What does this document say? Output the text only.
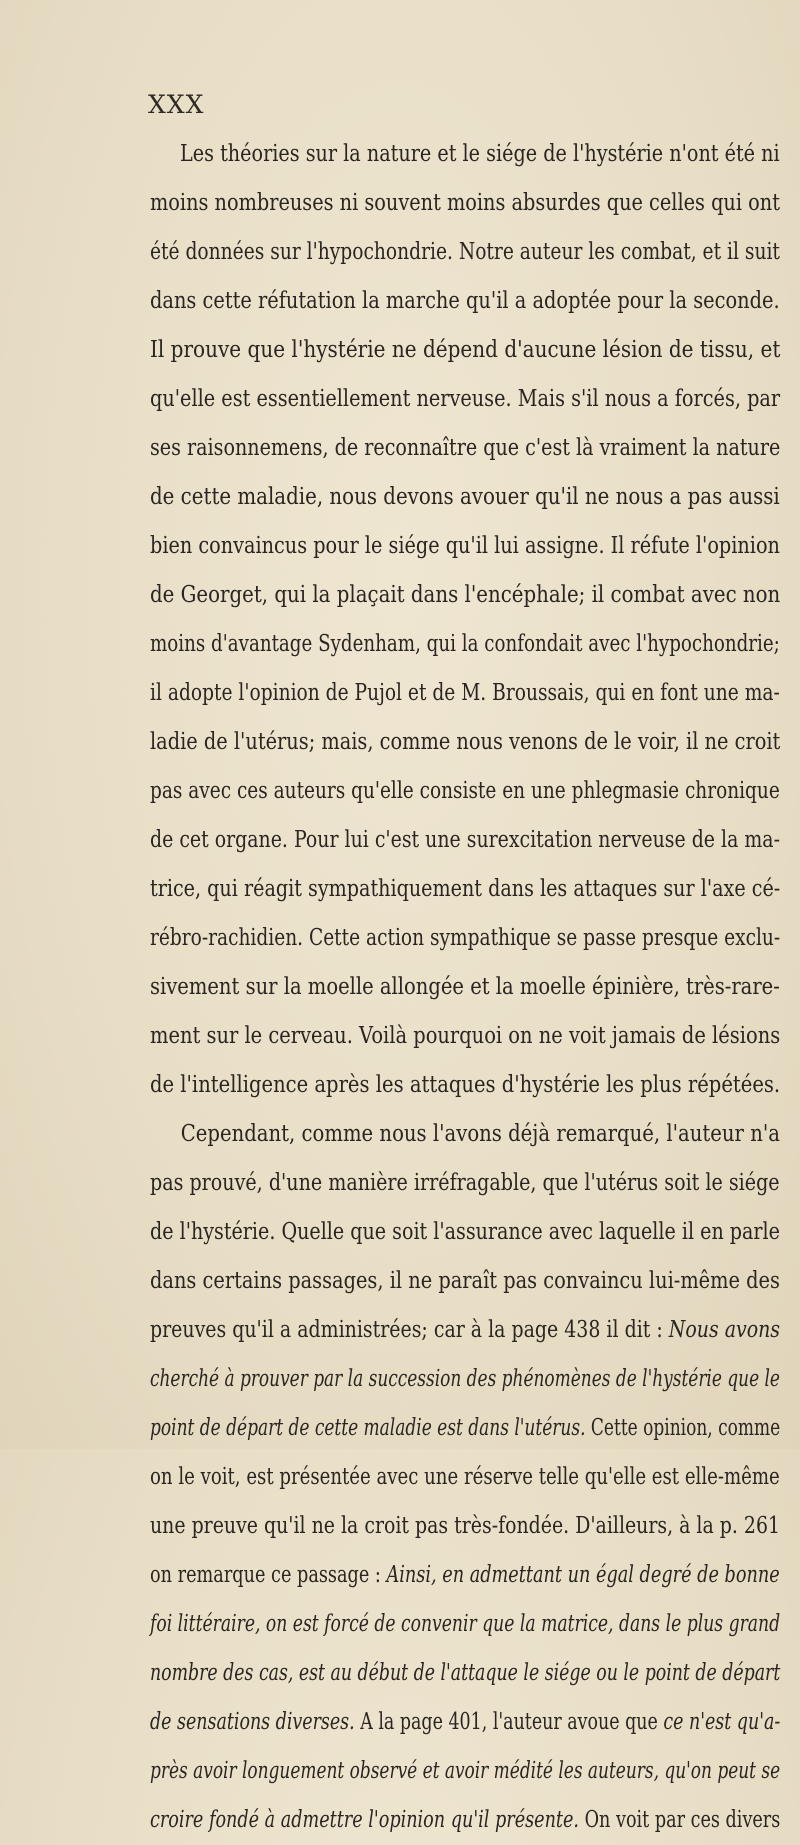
XXX
Les théories sur la nature et le siége de l'hystérie n'ont été ni
moins nombreuses ni souvent moins absurdes que celles qui ont
été données sur l'hypochondrie. Notre auteur les combat, et il suit
dans cette réfutation la marche qu'il a adoptée pour la seconde.
Il prouve que l'hystérie ne dépend d'aucune lésion de tissu, et
qu'elle est essentiellement nerveuse. Mais s'il nous a forcés, par
ses raisonnemens, de reconnaître que c'est là vraiment la nature
de cette maladie, nous devons avouer qu'il ne nous a pas aussi
bien convaincus pour le siége qu'il lui assigne. Il réfute l'opinion
de Georget, qui la plaçait dans l'encéphale; il combat avec non
moins d'avantage Sydenham, qui la confondait avec l'hypochondrie;
il adopte l'opinion de Pujol et de M. Broussais, qui en font une ma-
ladie de l'utérus; mais, comme nous venons de le voir, il ne croit
pas avec ces auteurs qu'elle consiste en une phlegmasie chronique
de cet organe. Pour lui c'est une surexcitation nerveuse de la ma-
trice, qui réagit sympathiquement dans les attaques sur l'axe cé-
rébro-rachidien. Cette action sympathique se passe presque exclu-
sivement sur la moelle allongée et la moelle épinière, très-rare-
ment sur le cerveau. Voilà pourquoi on ne voit jamais de lésions
de l'intelligence après les attaques d'hystérie les plus répétées.
Cependant, comme nous l'avons déjà remarqué, l'auteur n'a
pas prouvé, d'une manière irréfragable, que l'utérus soit le siége
de l'hystérie. Quelle que soit l'assurance avec laquelle il en parle
dans certains passages, il ne paraît pas convaincu lui-même des
preuves qu'il a administrées; car à la page 438 il dit : Nous avons
cherché à prouver par la succession des phénomènes de l'hystérie que le
point de départ de cette maladie est dans l'utérus. Cette opinion, comme
on le voit, est présentée avec une réserve telle qu'elle est elle-même
une preuve qu'il ne la croit pas très-fondée. D'ailleurs, à la p. 261
on remarque ce passage : Ainsi, en admettant un égal degré de bonne
foi littéraire, on est forcé de convenir que la matrice, dans le plus grand
nombre des cas, est au début de l'attaque le siége ou le point de départ
de sensations diverses. A la page 401, l'auteur avoue que ce n'est qu'a-
près avoir longuement observé et avoir médité les auteurs, qu'on peut se
croire fondé à admettre l'opinion qu'il présente. On voit par ces divers
